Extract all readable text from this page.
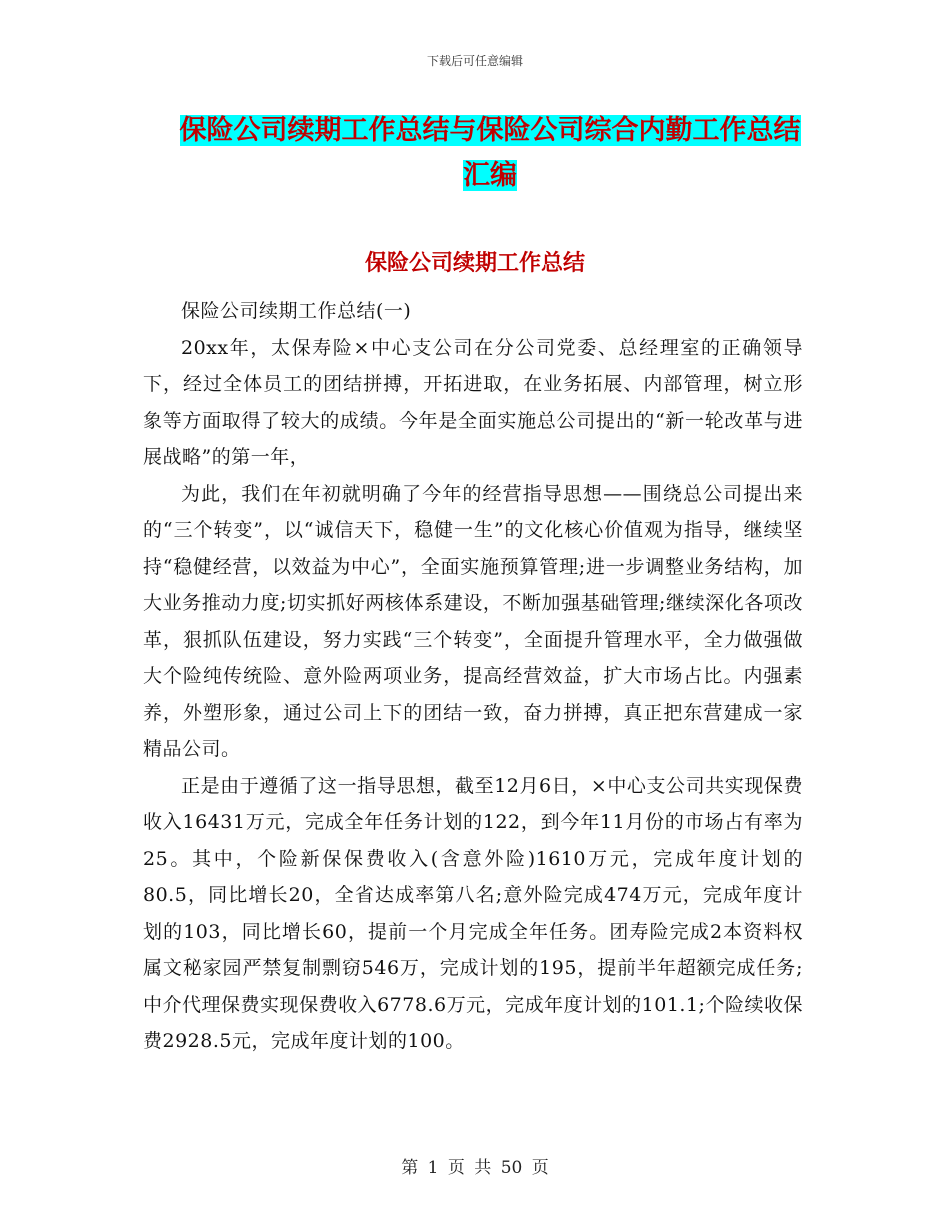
下载后可任意编辑
保险公司续期工作总结与保险公司综合内勤工作总结
汇编
保险公司续期工作总结

保险公司续期工作总结(一)

20xx年，太保寿险×中心支公司在分公司党委、总经理室的正确领导下，经过全体员工的团结拼搏，开拓进取，在业务拓展、内部管理，树立形象等方面取得了较大的成绩。今年是全面实施总公司提出的“新一轮改革与进展战略”的第一年，

为此，我们在年初就明确了今年的经营指导思想——围绕总公司提出来的“三个转变”，以“诚信天下，稳健一生”的文化核心价值观为指导，继续坚持“稳健经营，以效益为中心”，全面实施预算管理;进一步调整业务结构，加大业务推动力度;切实抓好两核体系建设，不断加强基础管理;继续深化各项改革，狠抓队伍建设，努力实践“三个转变”，全面提升管理水平，全力做强做大个险纯传统险、意外险两项业务，提高经营效益，扩大市场占比。内强素养，外塑形象，通过公司上下的团结一致，奋力拼搏，真正把东营建成一家精品公司。

正是由于遵循了这一指导思想，截至12月6日，×中心支公司共实现保费收入16431万元，完成全年任务计划的122，到今年11月份的市场占有率为25。其中，个险新保保费收入(含意外险)1610万元，完成年度计划的80.5，同比增长20，全省达成率第八名;意外险完成474万元，完成年度计划的103，同比增长60，提前一个月完成全年任务。团寿险完成2本资料权属文秘家园严禁复制剽窃546万，完成计划的195，提前半年超额完成任务;中介代理保费实现保费收入6778.6万元，完成年度计划的101.1;个险续收保费2928.5元，完成年度计划的100。

第 1 页 共 50 页
